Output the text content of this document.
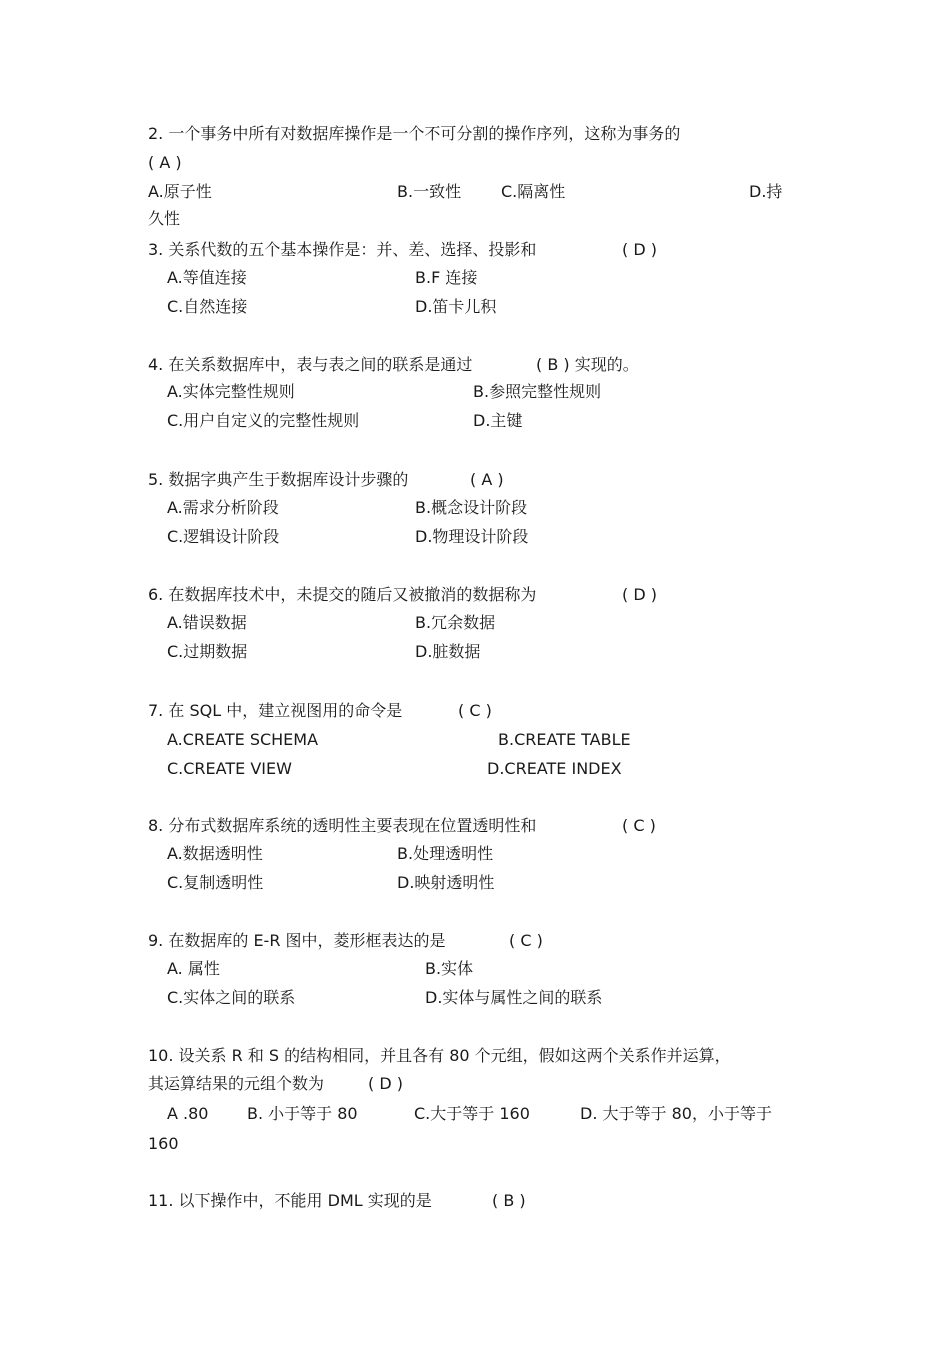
2. 一个事务中所有对数据库操作是一个不可分割的操作序列，这称为事务的
( A )
A.原子性	B.一致性 C.隔离性	D.持
久性
3. 关系代数的五个基本操作是：并、差、选择、投影和	( D )
A.等值连接	B.F 连接
C.自然连接	D.笛卡儿积
4. 在关系数据库中，表与表之间的联系是通过	( B ) 实现的。
A.实体完整性规则	B.参照完整性规则
C.用户自定义的完整性规则	D.主键
5. 数据字典产生于数据库设计步骤的	( A )
A.需求分析阶段	B.概念设计阶段
C.逻辑设计阶段	D.物理设计阶段
6. 在数据库技术中，未提交的随后又被撤消的数据称为	( D )
A.错误数据	B.冗余数据
C.过期数据	D.脏数据
7. 在 SQL 中，建立视图用的命令是	( C )
A.CREATE SCHEMA	B.CREATE TABLE
C.CREATE VIEW	D.CREATE INDEX
8. 分布式数据库系统的透明性主要表现在位置透明性和	( C )
A.数据透明性	B.处理透明性
C.复制透明性	D.映射透明性
9. 在数据库的 E-R 图中，菱形框表达的是	( C )
A. 属性	B.实体
C.实体之间的联系	D.实体与属性之间的联系
10. 设关系 R 和 S 的结构相同，并且各有 80 个元组，假如这两个关系作并运算，
其运算结果的元组个数为	( D )
A .80 B. 小于等于 80	C.大于等于 160	D. 大于等于 80，小于等于
160
11. 以下操作中，不能用 DML 实现的是	( B )
